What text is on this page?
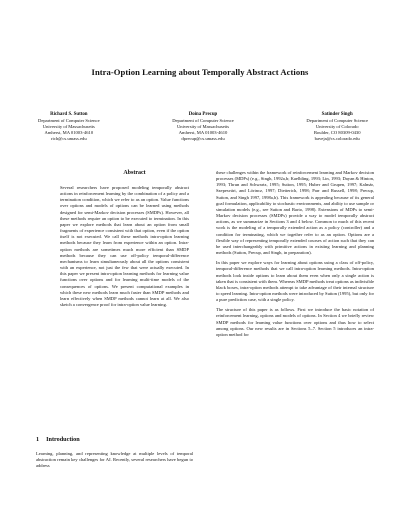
Intra-Option Learning about Temporally Abstract Actions
Richard S. Sutton
Department of Computer Science
University of Massachusetts
Amherst, MA 01003-4610
rich@cs.umass.edu
Doina Precup
Department of Computer Science
University of Massachusetts
Amherst, MA 01003-4610
dprecup@cs.umass.edu
Satinder Singh
Department of Computer Science
University of Colorado
Boulder, CO 80309-0430
baveja@cs.colorado.edu
Abstract

Several researchers have proposed modeling temporally abstract actions in reinforcement learning by the combination of a policy and a termination condition, which we refer to as an option. Value functions over options and models of options can be learned using methods designed for semi-Markov decision processes (SMDPs). However, all these methods require an option to be executed to termination. In this paper we explore methods that learn about an option from small fragments of experience consistent with that option, even if the option itself is not executed. We call these methods intra-option learning methods because they learn from experience within an option. Intra-option methods are sometimes much more efficient than SMDP methods because they can use off-policy temporal-difference mechanisms to learn simultaneously about all the options consistent with an experience, not just the few that were actually executed. In this paper we present intra-option learning methods for learning value functions over options and for learning multi-time models of the consequences of options. We present computational examples in which these new methods learn much faster than SMDP methods and learn effectively when SMDP methods cannot learn at all. We also sketch a convergence proof for intra-option value learning.

1 Introduction

Learning, planning, and representing knowledge at multiple levels of temporal abstraction remain key challenges for AI. Recently, several researchers have begun to address

these challenges within the framework of reinforcement learning and Markov decision processes (MDPs) (e.g., Singh, 1992a,b; Kaelbling, 1993; Lin, 1993; Dayan & Hinton, 1993; Thrun and Schwartz, 1995; Sutton, 1995; Huber and Grupen, 1997; Kalmár, Szepesvári, and Lörincz, 1997; Dietterich, 1998; Parr and Russell, 1998; Precup, Sutton, and Singh 1997, 1998a,b). This framework is appealing because of its general goal formulation, applicability to stochastic environments, and ability to use sample or simulation models (e.g., see Sutton and Barto, 1998). Extensions of MDPs to semi-Markov decision processes (SMDPs) provide a way to model temporally abstract actions, as we summarize in Sections 3 and 4 below. Common to much of this recent work is the modeling of a temporally extended action as a policy (controller) and a condition for terminating, which we together refer to as an option. Options are a flexible way of representing temporally extended courses of action such that they can be used interchangeably with primitive actions in existing learning and planning methods (Sutton, Precup, and Singh, in preparation).

In this paper we explore ways for learning about options using a class of off-policy, temporal-difference methods that we call intra-option learning methods. Intra-option methods look inside options to learn about them even when only a single action is taken that is consistent with them. Whereas SMDP methods treat options as indivisible black boxes, intra-option methods attempt to take advantage of their internal structure to speed learning. Intra-option methods were introduced by Sutton (1995), but only for a pure prediction case, with a single policy.

The structure of this paper is as follows. First we introduce the basic notation of reinforcement learning, options and models of options. In Section 4 we briefly review SMDP methods for learning value functions over options and thus how to select among options. Our new results are in Sections 5–7. Section 5 introduces an intra-option method for
